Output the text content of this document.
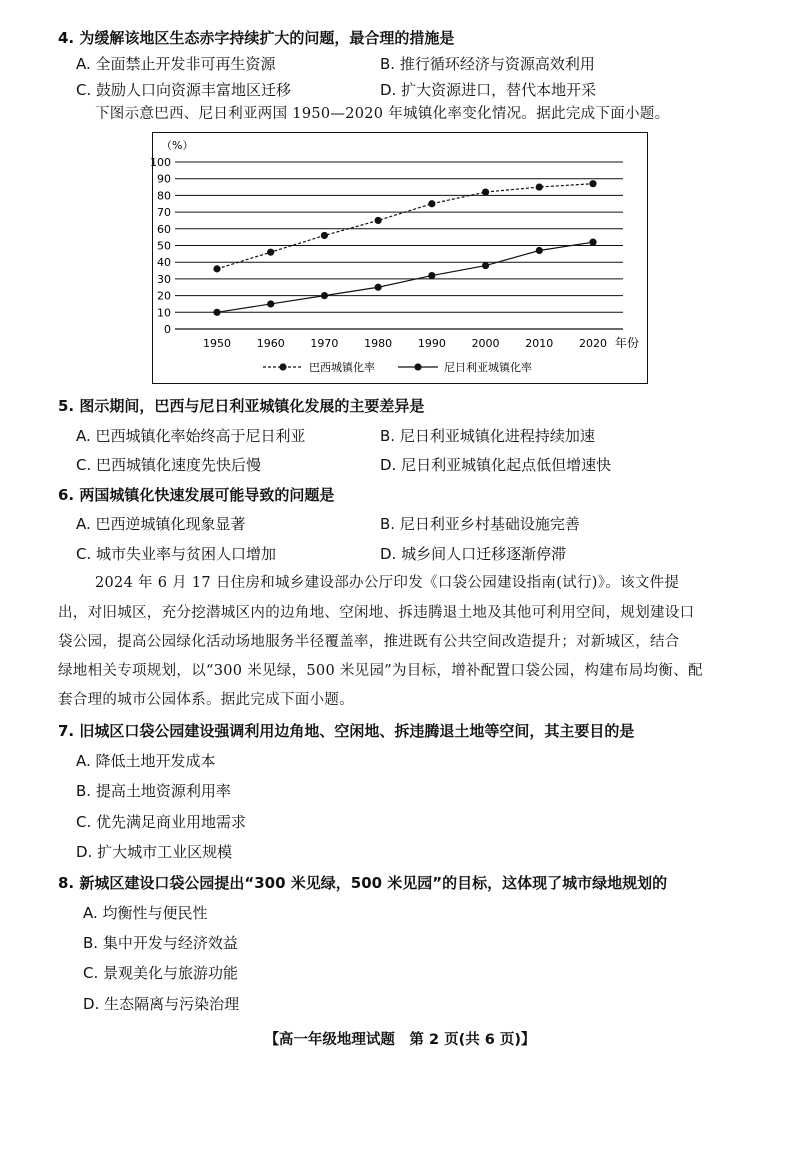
4. 为缓解该地区生态赤字持续扩大的问题，最合理的措施是
A. 全面禁止开发非可再生资源	B. 推行循环经济与资源高效利用
C. 鼓励人口向资源丰富地区迁移	D. 扩大资源进口，替代本地开采
下图示意巴西、尼日利亚两国 1950—2020 年城镇化率变化情况。据此完成下面小题。
（%）
0
10
20
30
40
50
60
70
80
90
100
1950 1960 1970 1980 1990 2000 2010 2020 年份
巴西城镇化率	尼日利亚城镇化率
5. 图示期间，巴西与尼日利亚城镇化发展的主要差异是
A. 巴西城镇化率始终高于尼日利亚	B. 尼日利亚城镇化进程持续加速
C. 巴西城镇化速度先快后慢	D. 尼日利亚城镇化起点低但增速快
6. 两国城镇化快速发展可能导致的问题是
A. 巴西逆城镇化现象显著	B. 尼日利亚乡村基础设施完善
C. 城市失业率与贫困人口增加	D. 城乡间人口迁移逐渐停滞
2024 年 6 月 17 日住房和城乡建设部办公厅印发《口袋公园建设指南(试行)》。该文件提
出，对旧城区，充分挖潜城区内的边角地、空闲地、拆违腾退土地及其他可利用空间，规划建设口
袋公园，提高公园绿化活动场地服务半径覆盖率，推进既有公共空间改造提升；对新城区，结合
绿地相关专项规划，以“300 米见绿，500 米见园”为目标，增补配置口袋公园，构建布局均衡、配
套合理的城市公园体系。据此完成下面小题。
7. 旧城区口袋公园建设强调利用边角地、空闲地、拆违腾退土地等空间，其主要目的是
A. 降低土地开发成本
B. 提高土地资源利用率
C. 优先满足商业用地需求
D. 扩大城市工业区规模
8. 新城区建设口袋公园提出“300 米见绿，500 米见园”的目标，这体现了城市绿地规划的
A. 均衡性与便民性
B. 集中开发与经济效益
C. 景观美化与旅游功能
D. 生态隔离与污染治理
【高一年级地理试题　第 2 页(共 6 页)】
